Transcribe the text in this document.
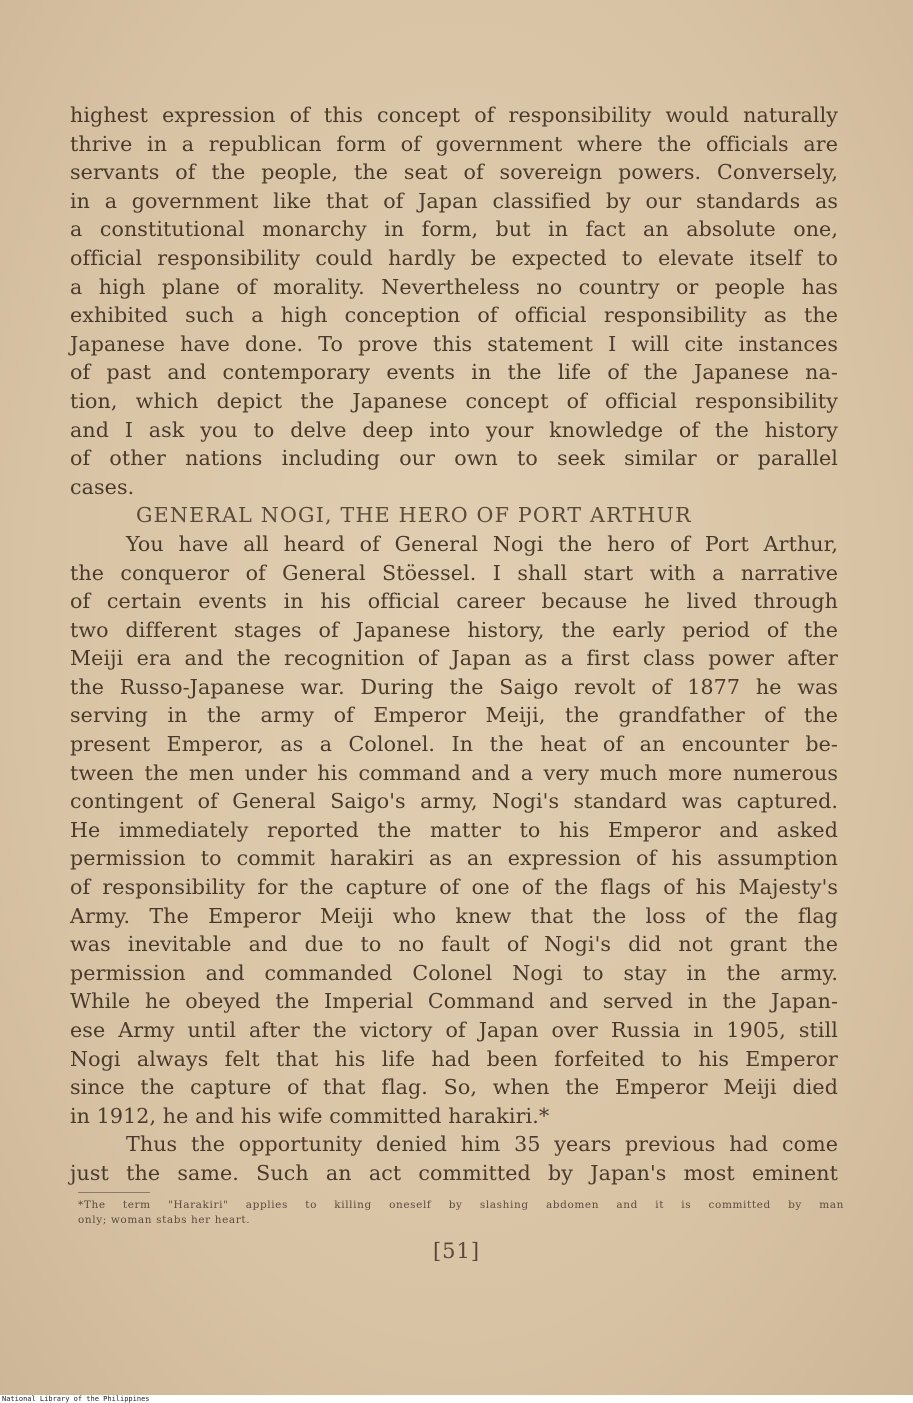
highest expression of this concept of responsibility would naturally
thrive in a republican form of government where the officials are
servants of the people, the seat of sovereign powers. Conversely,
in a government like that of Japan classified by our standards as
a constitutional monarchy in form, but in fact an absolute one,
official responsibility could hardly be expected to elevate itself to
a high plane of morality. Nevertheless no country or people has
exhibited such a high conception of official responsibility as the
Japanese have done. To prove this statement I will cite instances
of past and contemporary events in the life of the Japanese na-
tion, which depict the Japanese concept of official responsibility
and I ask you to delve deep into your knowledge of the history
of other nations including our own to seek similar or parallel
cases.
GENERAL NOGI, THE HERO OF PORT ARTHUR
You have all heard of General Nogi the hero of Port Arthur,
the conqueror of General Stöessel. I shall start with a narrative
of certain events in his official career because he lived through
two different stages of Japanese history, the early period of the
Meiji era and the recognition of Japan as a first class power after
the Russo-Japanese war. During the Saigo revolt of 1877 he was
serving in the army of Emperor Meiji, the grandfather of the
present Emperor, as a Colonel. In the heat of an encounter be-
tween the men under his command and a very much more numerous
contingent of General Saigo's army, Nogi's standard was captured.
He immediately reported the matter to his Emperor and asked
permission to commit harakiri as an expression of his assumption
of responsibility for the capture of one of the flags of his Majesty's
Army. The Emperor Meiji who knew that the loss of the flag
was inevitable and due to no fault of Nogi's did not grant the
permission and commanded Colonel Nogi to stay in the army.
While he obeyed the Imperial Command and served in the Japan-
ese Army until after the victory of Japan over Russia in 1905, still
Nogi always felt that his life had been forfeited to his Emperor
since the capture of that flag. So, when the Emperor Meiji died
in 1912, he and his wife committed harakiri.*
Thus the opportunity denied him 35 years previous had come
just the same. Such an act committed by Japan's most eminent
*The term "Harakiri" applies to killing oneself by slashing abdomen and it is committed by man
only; woman stabs her heart.
[51]
National Library of the Philippines
